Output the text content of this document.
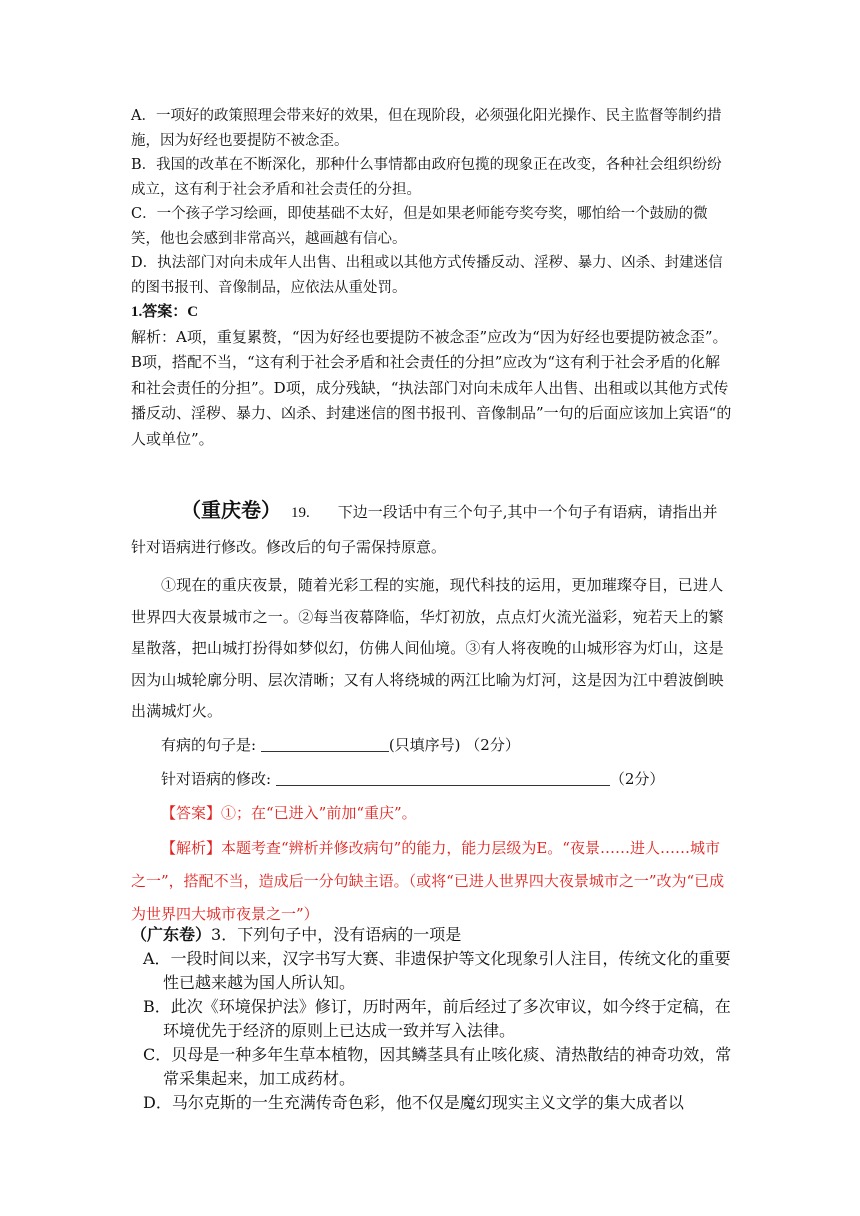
A．一项好的政策照理会带来好的效果，但在现阶段，必须强化阳光操作、民主监督等制约措施，因为好经也要提防不被念歪。

B．我国的改革在不断深化，那种什么事情都由政府包揽的现象正在改变，各种社会组织纷纷成立，这有利于社会矛盾和社会责任的分担。

C．一个孩子学习绘画，即使基础不太好，但是如果老师能夸奖夸奖，哪怕给一个鼓励的微笑，他也会感到非常高兴，越画越有信心。

D．执法部门对向未成年人出售、出租或以其他方式传播反动、淫秽、暴力、凶杀、封建迷信的图书报刊、音像制品，应依法从重处罚。

1.答案：C

解析：A项，重复累赘，“因为好经也要提防不被念歪”应改为“因为好经也要提防被念歪”。B项，搭配不当，“这有利于社会矛盾和社会责任的分担”应改为“这有利于社会矛盾的化解和社会责任的分担”。D项，成分残缺，“执法部门对向未成年人出售、出租或以其他方式传播反动、淫秽、暴力、凶杀、封建迷信的图书报刊、音像制品”一句的后面应该加上宾语“的人或单位”。

（重庆卷） 19. 下边一段话中有三个句子,其中一个句子有语病，请指出并针对语病进行修改。修改后的句子需保持原意。

①现在的重庆夜景，随着光彩工程的实施，现代科技的运用，更加璀璨夺目，已进人世界四大夜景城市之一。②每当夜幕降临，华灯初放，点点灯火流光溢彩，宛若天上的繁星散落，把山城打扮得如梦似幻，仿佛人间仙境。③有人将夜晚的山城形容为灯山，这是因为山城轮廓分明、层次清晰；又有人将绕城的两江比喻为灯河，这是因为江中碧波倒映出满城灯火。

有病的句子是:	(只填序号) （2分）

针对语病的修改:	（2分）

【答案】①；在“已进入”前加“重庆”。

【解析】本题考查“辨析并修改病句”的能力，能力层级为E。“夜景……进人……城市之一”，搭配不当，造成后一分句缺主语。（或将“已进人世界四大夜景城市之一”改为“已成为世界四大城市夜景之一”）

（广东卷）3．下列句子中，没有语病的一项是

A．一段时间以来，汉字书写大赛、非遗保护等文化现象引人注目，传统文化的重要性已越来越为国人所认知。

B．此次《环境保护法》修订，历时两年，前后经过了多次审议，如今终于定稿，在环境优先于经济的原则上已达成一致并写入法律。

C．贝母是一种多年生草本植物，因其鳞茎具有止咳化痰、清热散结的神奇功效，常常采集起来，加工成药材。

D．马尔克斯的一生充满传奇色彩，他不仅是魔幻现实主义文学的集大成者以
